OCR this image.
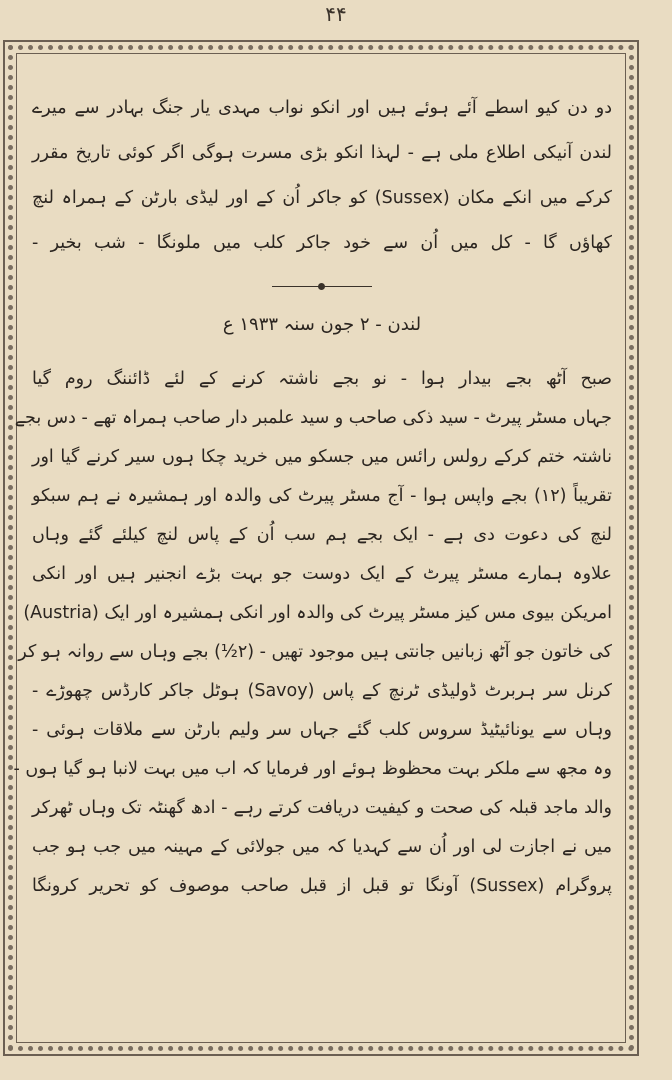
۴۴
دو دن کیو اسطے آئے ہوئے ہیں اور انکو نواب مہدی یار جنگ بہادر سے میرے
لندن آنیکی اطلاع ملی ہے - لہذا انکو بڑی مسرت ہوگی اگر کوئی تاریخ مقرر
کرکے میں انکے مکان (Sussex) کو جاکر اُن کے اور لیڈی بارٹن کے ہمراہ لنچ
کھاؤں گا - کل میں اُن سے خود جاکر کلب میں ملونگا - شب بخیر -
لندن - ۲ جون سنہ ۱۹۳۳ ع
صبح آٹھ بجے بیدار ہوا - نو بجے ناشتہ کرنے کے لئے ڈائننگ روم گیا
جہاں مسٹر پیرٹ - سید ذکی صاحب و سید علمبر دار صاحب ہمراہ تھے - دس بجے
ناشتہ ختم کرکے رولس رائس میں جسکو میں خرید چکا ہوں سیر کرنے گیا اور
تقریباً (۱۲) بجے واپس ہوا - آج مسٹر پیرٹ کی والدہ اور ہمشیرہ نے ہم سبکو
لنچ کی دعوت دی ہے - ایک بجے ہم سب اُن کے پاس لنچ کیلئے گئے وہاں
علاوہ ہمارے مسٹر پیرٹ کے ایک دوست جو بہت بڑے انجنیر ہیں اور انکی
امریکن بیوی مس کیز مسٹر پیرٹ کی والدہ اور انکی ہمشیرہ اور ایک (Austria)
کی خاتون جو آٹھ زبانیں جانتی ہیں موجود تھیں - (۲½) بجے وہاں سے روانہ ہو کر
کرنل سر ہربرٹ ڈولیڈی ٹرنچ کے پاس (Savoy) ہوٹل جاکر کارڈس چھوڑے -
وہاں سے یونائیٹیڈ سروس کلب گئے جہاں سر ولیم بارٹن سے ملاقات ہوئی -
وہ مجھ سے ملکر بہت محظوظ ہوئے اور فرمایا کہ اب میں بہت لانبا ہو گیا ہوں -
والد ماجد قبلہ کی صحت و کیفیت دریافت کرتے رہے - ادھ گھنٹہ تک وہاں ٹھرکر
میں نے اجازت لی اور اُن سے کہدیا کہ میں جولائی کے مہینہ میں جب ہو جب
پروگرام (Sussex) آونگا تو قبل از قبل صاحب موصوف کو تحریر کرونگا
